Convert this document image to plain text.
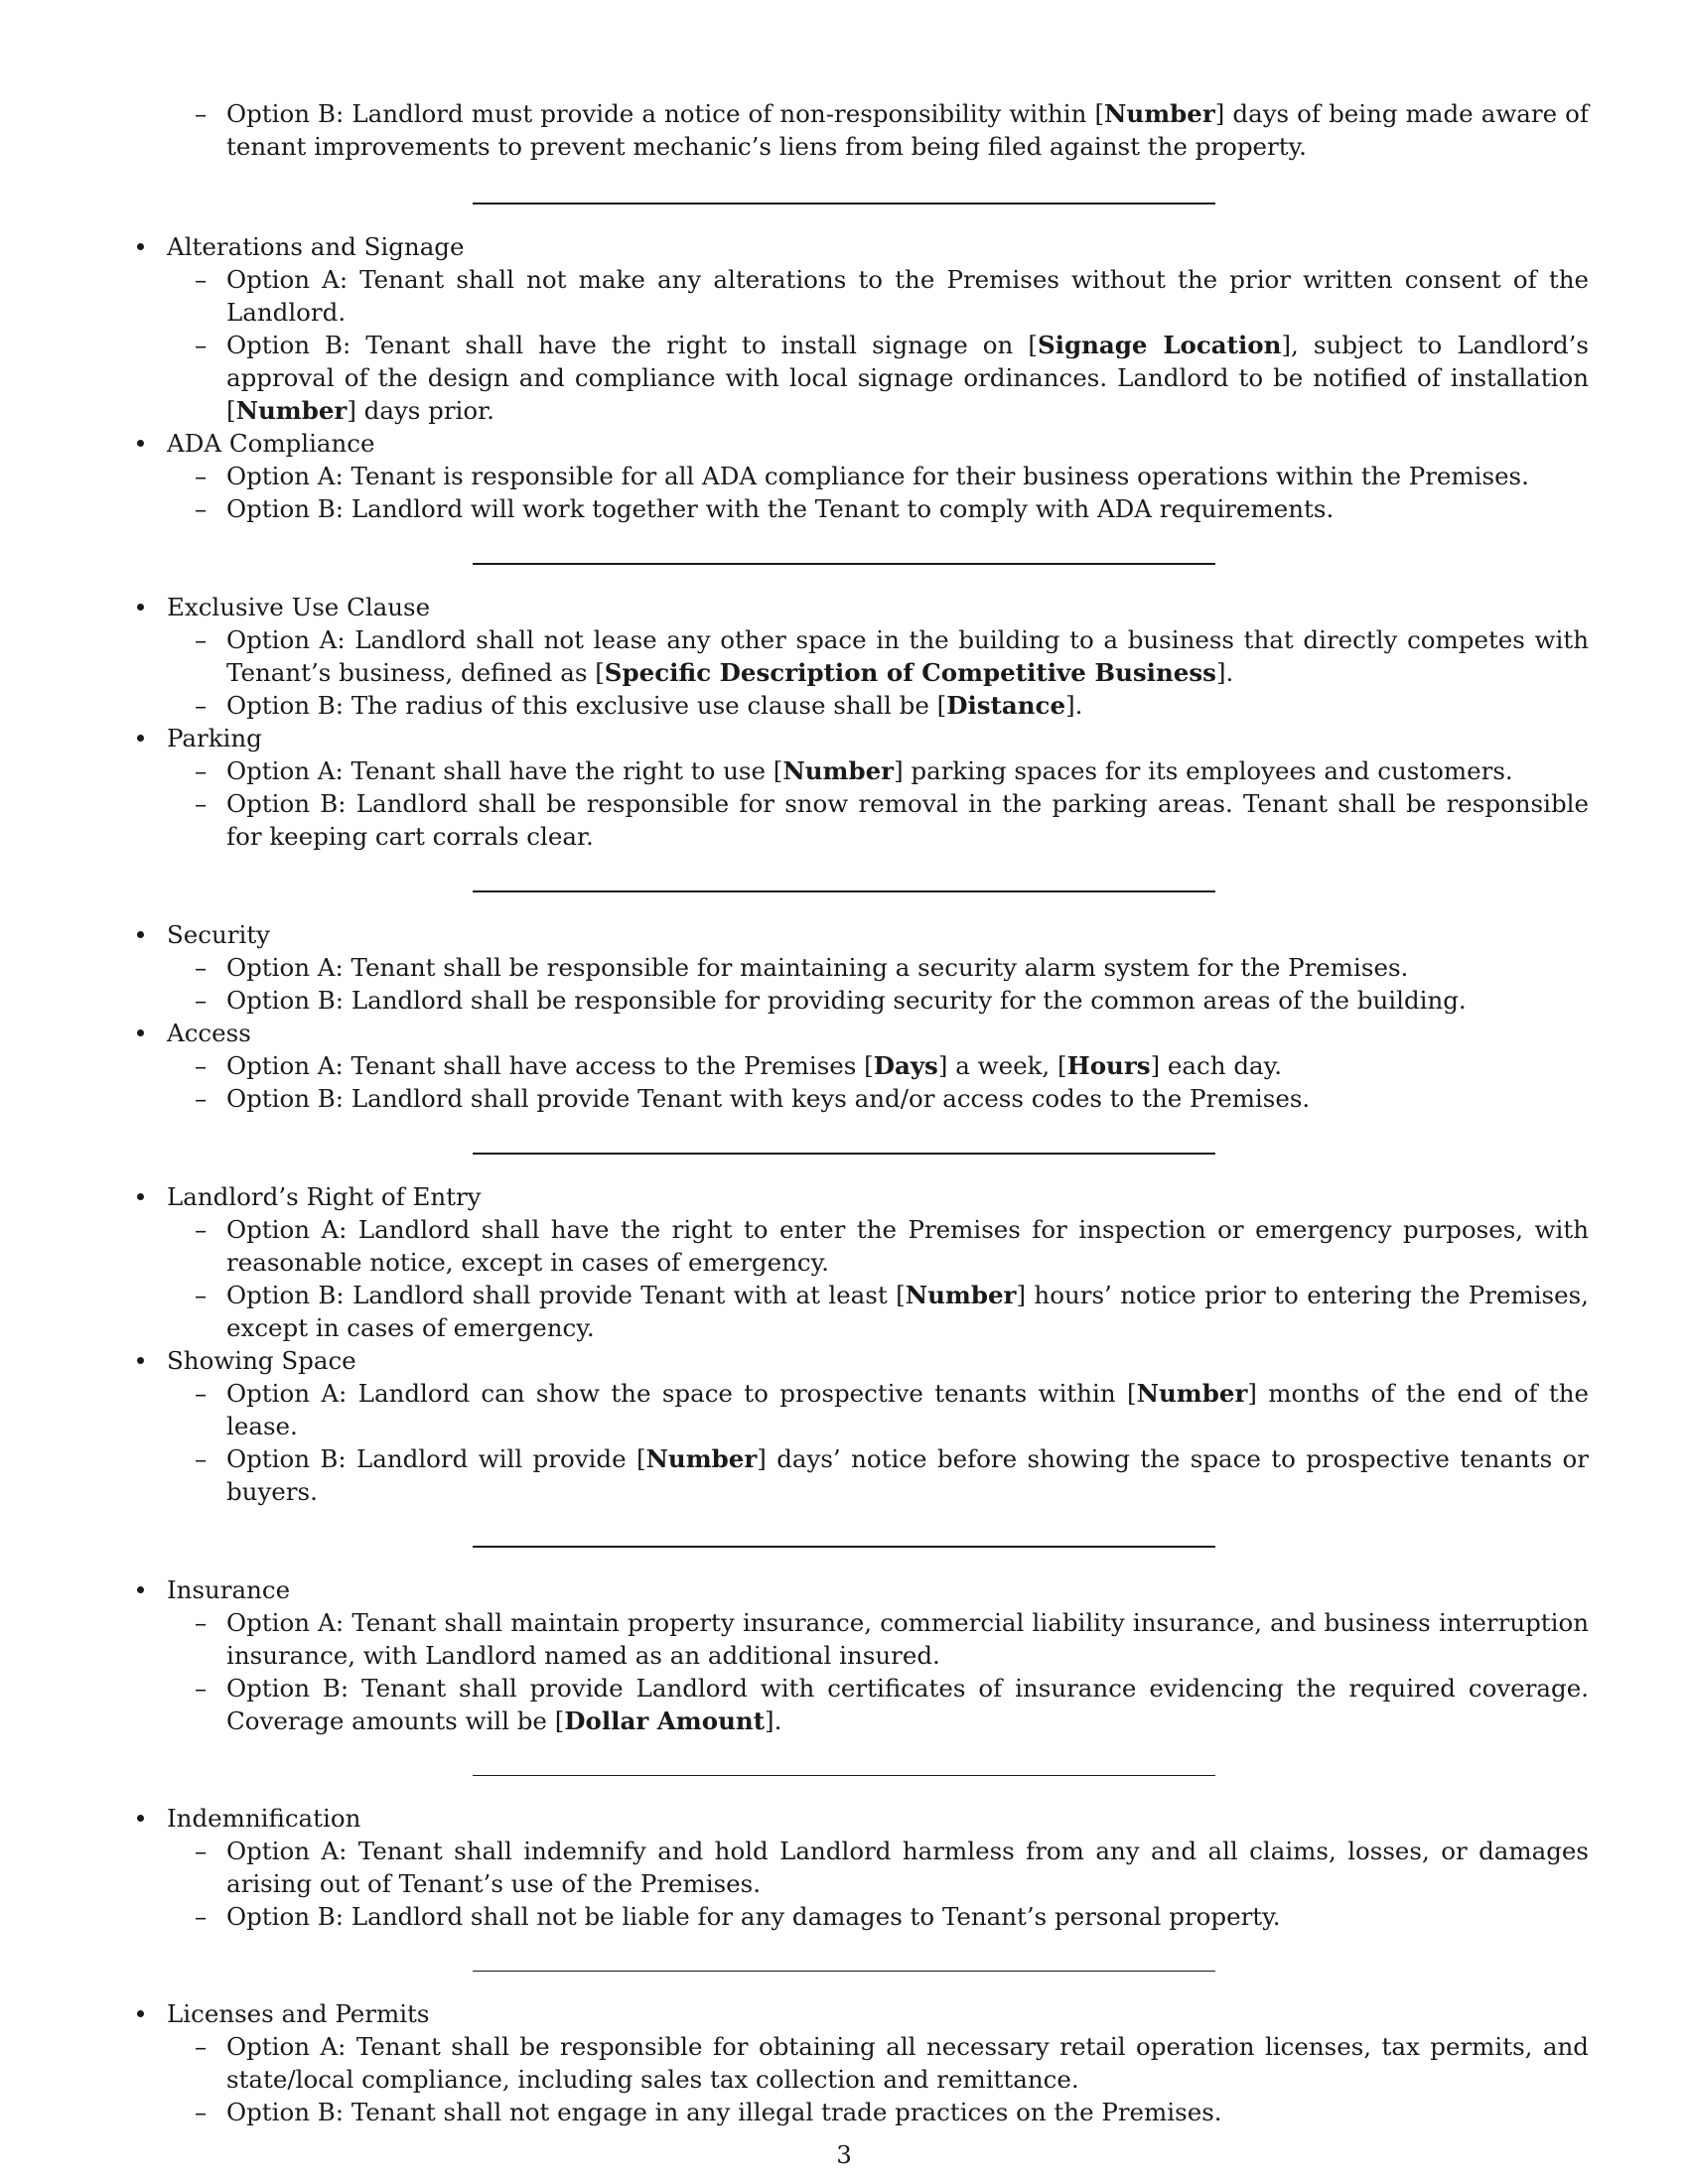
– Option B: Landlord must provide a notice of non-responsibility within [Number] days of being made aware of tenant improvements to prevent mechanic’s liens from being filed against the property.
Alterations and Signage
– Option A: Tenant shall not make any alterations to the Premises without the prior written consent of the Landlord.
– Option B: Tenant shall have the right to install signage on [Signage Location], subject to Landlord’s approval of the design and compliance with local signage ordinances. Landlord to be notified of installation [Number] days prior.
ADA Compliance
– Option A: Tenant is responsible for all ADA compliance for their business operations within the Premises.
– Option B: Landlord will work together with the Tenant to comply with ADA requirements.
Exclusive Use Clause
– Option A: Landlord shall not lease any other space in the building to a business that directly competes with Tenant’s business, defined as [Specific Description of Competitive Business].
– Option B: The radius of this exclusive use clause shall be [Distance].
Parking
– Option A: Tenant shall have the right to use [Number] parking spaces for its employees and customers.
– Option B: Landlord shall be responsible for snow removal in the parking areas. Tenant shall be responsible for keeping cart corrals clear.
Security
– Option A: Tenant shall be responsible for maintaining a security alarm system for the Premises.
– Option B: Landlord shall be responsible for providing security for the common areas of the building.
Access
– Option A: Tenant shall have access to the Premises [Days] a week, [Hours] each day.
– Option B: Landlord shall provide Tenant with keys and/or access codes to the Premises.
Landlord’s Right of Entry
– Option A: Landlord shall have the right to enter the Premises for inspection or emergency purposes, with reasonable notice, except in cases of emergency.
– Option B: Landlord shall provide Tenant with at least [Number] hours’ notice prior to entering the Premises, except in cases of emergency.
Showing Space
– Option A: Landlord can show the space to prospective tenants within [Number] months of the end of the lease.
– Option B: Landlord will provide [Number] days’ notice before showing the space to prospective tenants or buyers.
Insurance
– Option A: Tenant shall maintain property insurance, commercial liability insurance, and business interruption insurance, with Landlord named as an additional insured.
– Option B: Tenant shall provide Landlord with certificates of insurance evidencing the required coverage. Coverage amounts will be [Dollar Amount].
Indemnification
– Option A: Tenant shall indemnify and hold Landlord harmless from any and all claims, losses, or damages arising out of Tenant’s use of the Premises.
– Option B: Landlord shall not be liable for any damages to Tenant’s personal property.
Licenses and Permits
– Option A: Tenant shall be responsible for obtaining all necessary retail operation licenses, tax permits, and state/local compliance, including sales tax collection and remittance.
– Option B: Tenant shall not engage in any illegal trade practices on the Premises.
3
